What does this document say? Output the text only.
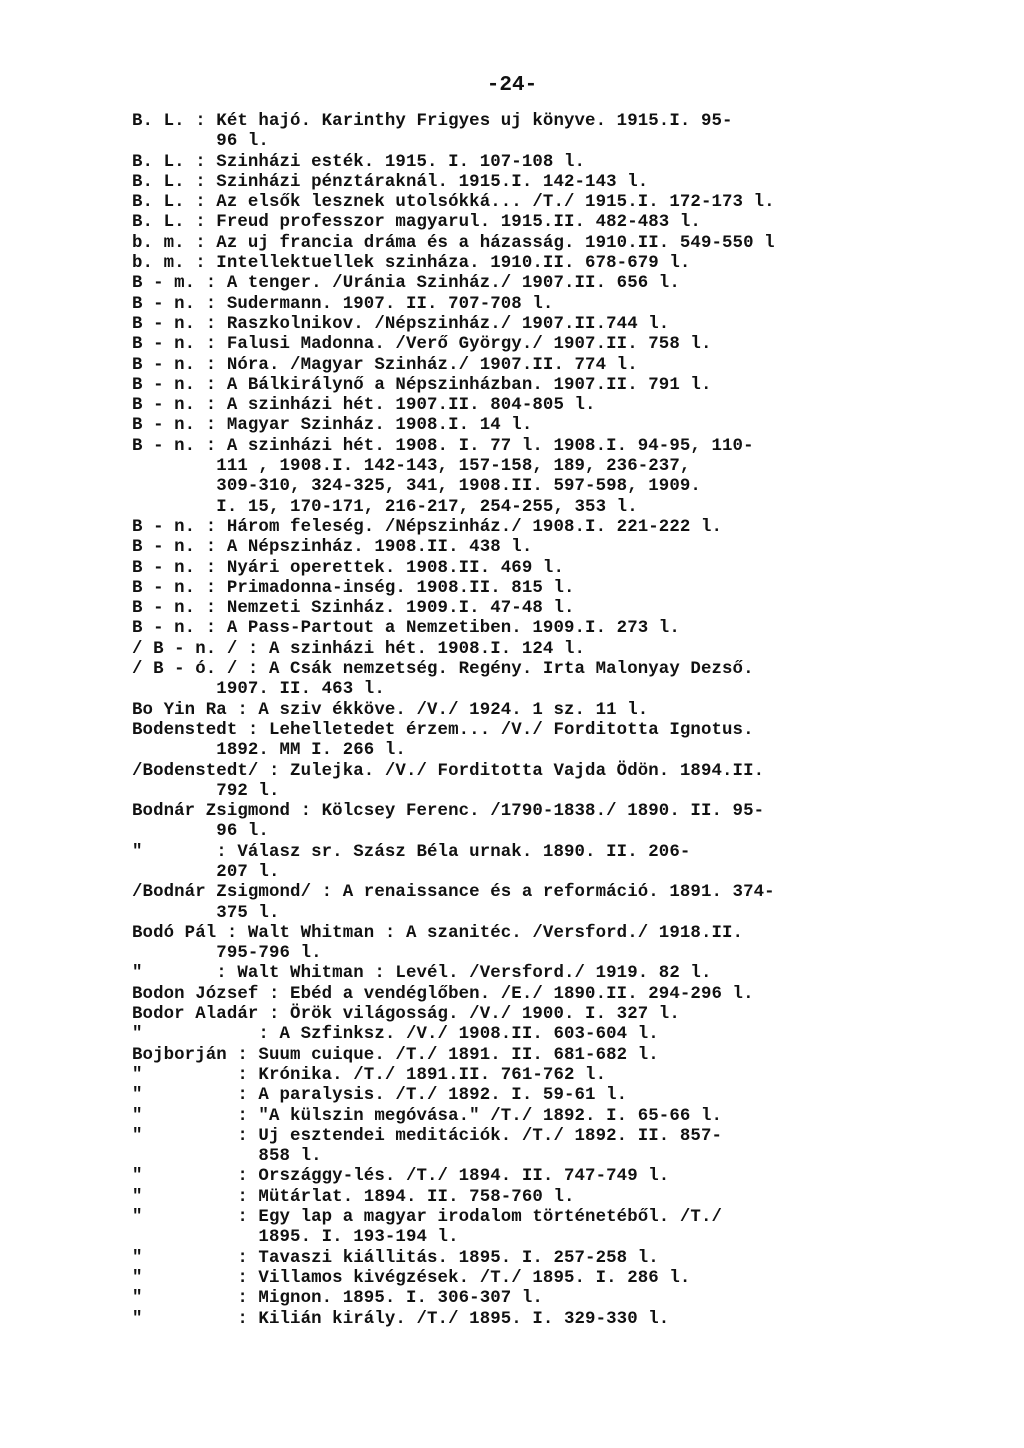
-24-
B. L. : Két hajó. Karinthy Frigyes uj könyve. 1915.I. 95-
96 l.
B. L. : Szinházi esték. 1915. I. 107-108 l.
B. L. : Szinházi pénztáraknál. 1915.I. 142-143 l.
B. L. : Az elsők lesznek utolsókká... /T./ 1915.I. 172-173 l.
B. L. : Freud professzor magyarul. 1915.II. 482-483 l.
b. m. : Az uj francia dráma és a házasság. 1910.II. 549-550 l
b. m. : Intellektuellek szinháza. 1910.II. 678-679 l.
B - m. : A tenger. /Uránia Szinház./ 1907.II. 656 l.
B - n. : Sudermann. 1907. II. 707-708 l.
B - n. : Raszkolnikov. /Népszinház./ 1907.II.744 l.
B - n. : Falusi Madonna. /Verő György./ 1907.II. 758 l.
B - n. : Nóra. /Magyar Szinház./ 1907.II. 774 l.
B - n. : A Bálkirálynő a Népszinházban. 1907.II. 791 l.
B - n. : A szinházi hét. 1907.II. 804-805 l.
B - n. : Magyar Szinház. 1908.I. 14 l.
B - n. : A szinházi hét. 1908. I. 77 l. 1908.I. 94-95, 110-
111 , 1908.I. 142-143, 157-158, 189, 236-237,
309-310, 324-325, 341, 1908.II. 597-598, 1909.
I. 15, 170-171, 216-217, 254-255, 353 l.
B - n. : Három feleség. /Népszinház./ 1908.I. 221-222 l.
B - n. : A Népszinház. 1908.II. 438 l.
B - n. : Nyári operettek. 1908.II. 469 l.
B - n. : Primadonna-inség. 1908.II. 815 l.
B - n. : Nemzeti Szinház. 1909.I. 47-48 l.
B - n. : A Pass-Partout a Nemzetiben. 1909.I. 273 l.
/ B - n. / : A szinházi hét. 1908.I. 124 l.
/ B - ó. / : A Csák nemzetség. Regény. Irta Malonyay Dezső.
1907. II. 463 l.
Bo Yin Ra : A sziv ékköve. /V./ 1924. 1 sz. 11 l.
Bodenstedt : Lehelletedet érzem... /V./ Forditotta Ignotus.
1892. MM I. 266 l.
/Bodenstedt/ : Zulejka. /V./ Forditotta Vajda Ödön. 1894.II.
792 l.
Bodnár Zsigmond : Kölcsey Ferenc. /1790-1838./ 1890. II. 95-
96 l.
"       : Válasz sr. Szász Béla urnak. 1890. II. 206-
207 l.
/Bodnár Zsigmond/ : A renaissance és a reformáció. 1891. 374-
375 l.
Bodó Pál : Walt Whitman : A szanitéc. /Versford./ 1918.II.
795-796 l.
"       : Walt Whitman : Levél. /Versford./ 1919. 82 l.
Bodon József : Ebéd a vendéglőben. /E./ 1890.II. 294-296 l.
Bodor Aladár : Örök világosság. /V./ 1900. I. 327 l.
"           : A Szfinksz. /V./ 1908.II. 603-604 l.
Bojborján : Suum cuique. /T./ 1891. II. 681-682 l.
"         : Krónika. /T./ 1891.II. 761-762 l.
"         : A paralysis. /T./ 1892. I. 59-61 l.
"         : "A külszin megóvása." /T./ 1892. I. 65-66 l.
"         : Uj esztendei meditációk. /T./ 1892. II. 857-
858 l.
"         : Országgy-lés. /T./ 1894. II. 747-749 l.
"         : Mütárlat. 1894. II. 758-760 l.
"         : Egy lap a magyar irodalom történetéből. /T./
1895. I. 193-194 l.
"         : Tavaszi kiállitás. 1895. I. 257-258 l.
"         : Villamos kivégzések. /T./ 1895. I. 286 l.
"         : Mignon. 1895. I. 306-307 l.
"         : Kilián király. /T./ 1895. I. 329-330 l.
